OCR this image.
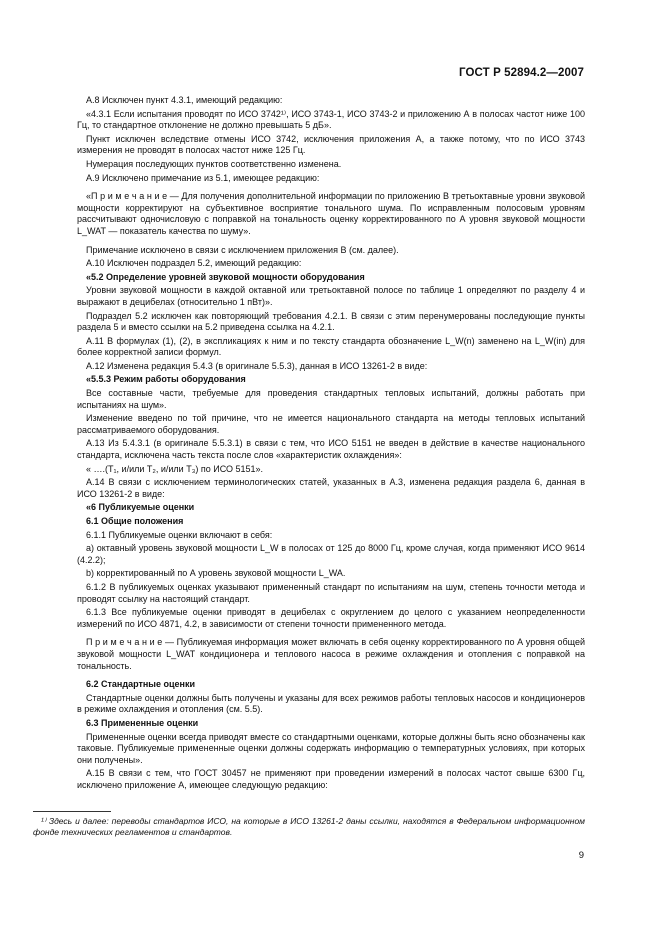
ГОСТ Р 52894.2—2007

А.8 Исключен пункт 4.3.1, имеющий редакцию:

«4.3.1 Если испытания проводят по ИСО 3742¹⁾, ИСО 3743-1, ИСО 3743-2 и приложению А в полосах частот ниже 100 Гц, то стандартное отклонение не должно превышать 5 дБ».

Пункт исключен вследствие отмены ИСО 3742, исключения приложения А, а также потому, что по ИСО 3743 измерения не проводят в полосах частот ниже 125 Гц.

Нумерация последующих пунктов соответственно изменена.

А.9 Исключено примечание из 5.1, имеющее редакцию:

«П р и м е ч а н и е — Для получения дополнительной информации по приложению В третьоктавные уровни звуковой мощности корректируют на субъективное восприятие тонального шума. По исправленным полосовым уровням рассчитывают одночисловую с поправкой на тональность оценку корректированного по А уровня звуковой мощности L_WAT — показатель качества по шуму».

Примечание исключено в связи с исключением приложения В (см. далее).

А.10 Исключен подраздел 5.2, имеющий редакцию:

«5.2 Определение уровней звуковой мощности оборудования

Уровни звуковой мощности в каждой октавной или третьоктавной полосе по таблице 1 определяют по разделу 4 и выражают в децибелах (относительно 1 пВт)».

Подраздел 5.2 исключен как повторяющий требования 4.2.1. В связи с этим перенумерованы последующие пункты раздела 5 и вместо ссылки на 5.2 приведена ссылка на 4.2.1.

А.11 В формулах (1), (2), в экспликациях к ним и по тексту стандарта обозначение L_W(n) заменено на L_W(in) для более корректной записи формул.

А.12 Изменена редакция 5.4.3 (в оригинале 5.5.3), данная в ИСО 13261-2 в виде:

«5.5.3 Режим работы оборудования

Все составные части, требуемые для проведения стандартных тепловых испытаний, должны работать при испытаниях на шум».

Изменение введено по той причине, что не имеется национального стандарта на методы тепловых испытаний рассматриваемого оборудования.

А.13 Из 5.4.3.1 (в оригинале 5.5.3.1) в связи с тем, что ИСО 5151 не введен в действие в качестве национального стандарта, исключена часть текста после слов «характеристик охлаждения»:

« ….(T₁, и/или T₂, и/или T₃) по ИСО 5151».

А.14 В связи с исключением терминологических статей, указанных в А.3, изменена редакция раздела 6, данная в ИСО 13261-2 в виде:

«6 Публикуемые оценки

6.1 Общие положения

6.1.1 Публикуемые оценки включают в себя:

а) октавный уровень звуковой мощности L_W в полосах от 125 до 8000 Гц, кроме случая, когда применяют ИСО 9614 (4.2.2);

b) корректированный по А уровень звуковой мощности L_WA.

6.1.2 В публикуемых оценках указывают примененный стандарт по испытаниям на шум, степень точности метода и проводят ссылку на настоящий стандарт.

6.1.3 Все публикуемые оценки приводят в децибелах с округлением до целого с указанием неопределенности измерений по ИСО 4871, 4.2, в зависимости от степени точности примененного метода.

П р и м е ч а н и е — Публикуемая информация может включать в себя оценку корректированного по А уровня общей звуковой мощности L_WAT кондиционера и теплового насоса в режиме охлаждения и отопления с поправкой на тональность.

6.2 Стандартные оценки

Стандартные оценки должны быть получены и указаны для всех режимов работы тепловых насосов и кондиционеров в режиме охлаждения и отопления (см. 5.5).

6.3 Примененные оценки

Примененные оценки всегда приводят вместе со стандартными оценками, которые должны быть ясно обозначены как таковые. Публикуемые примененные оценки должны содержать информацию о температурных условиях, при которых они получены».

А.15 В связи с тем, что ГОСТ 30457 не применяют при проведении измерений в полосах частот свыше 6300 Гц, исключено приложение А, имеющее следующую редакцию:

¹⁾ Здесь и далее: переводы стандартов ИСО, на которые в ИСО 13261-2 даны ссылки, находятся в Федеральном информационном фонде технических регламентов и стандартов.
9
